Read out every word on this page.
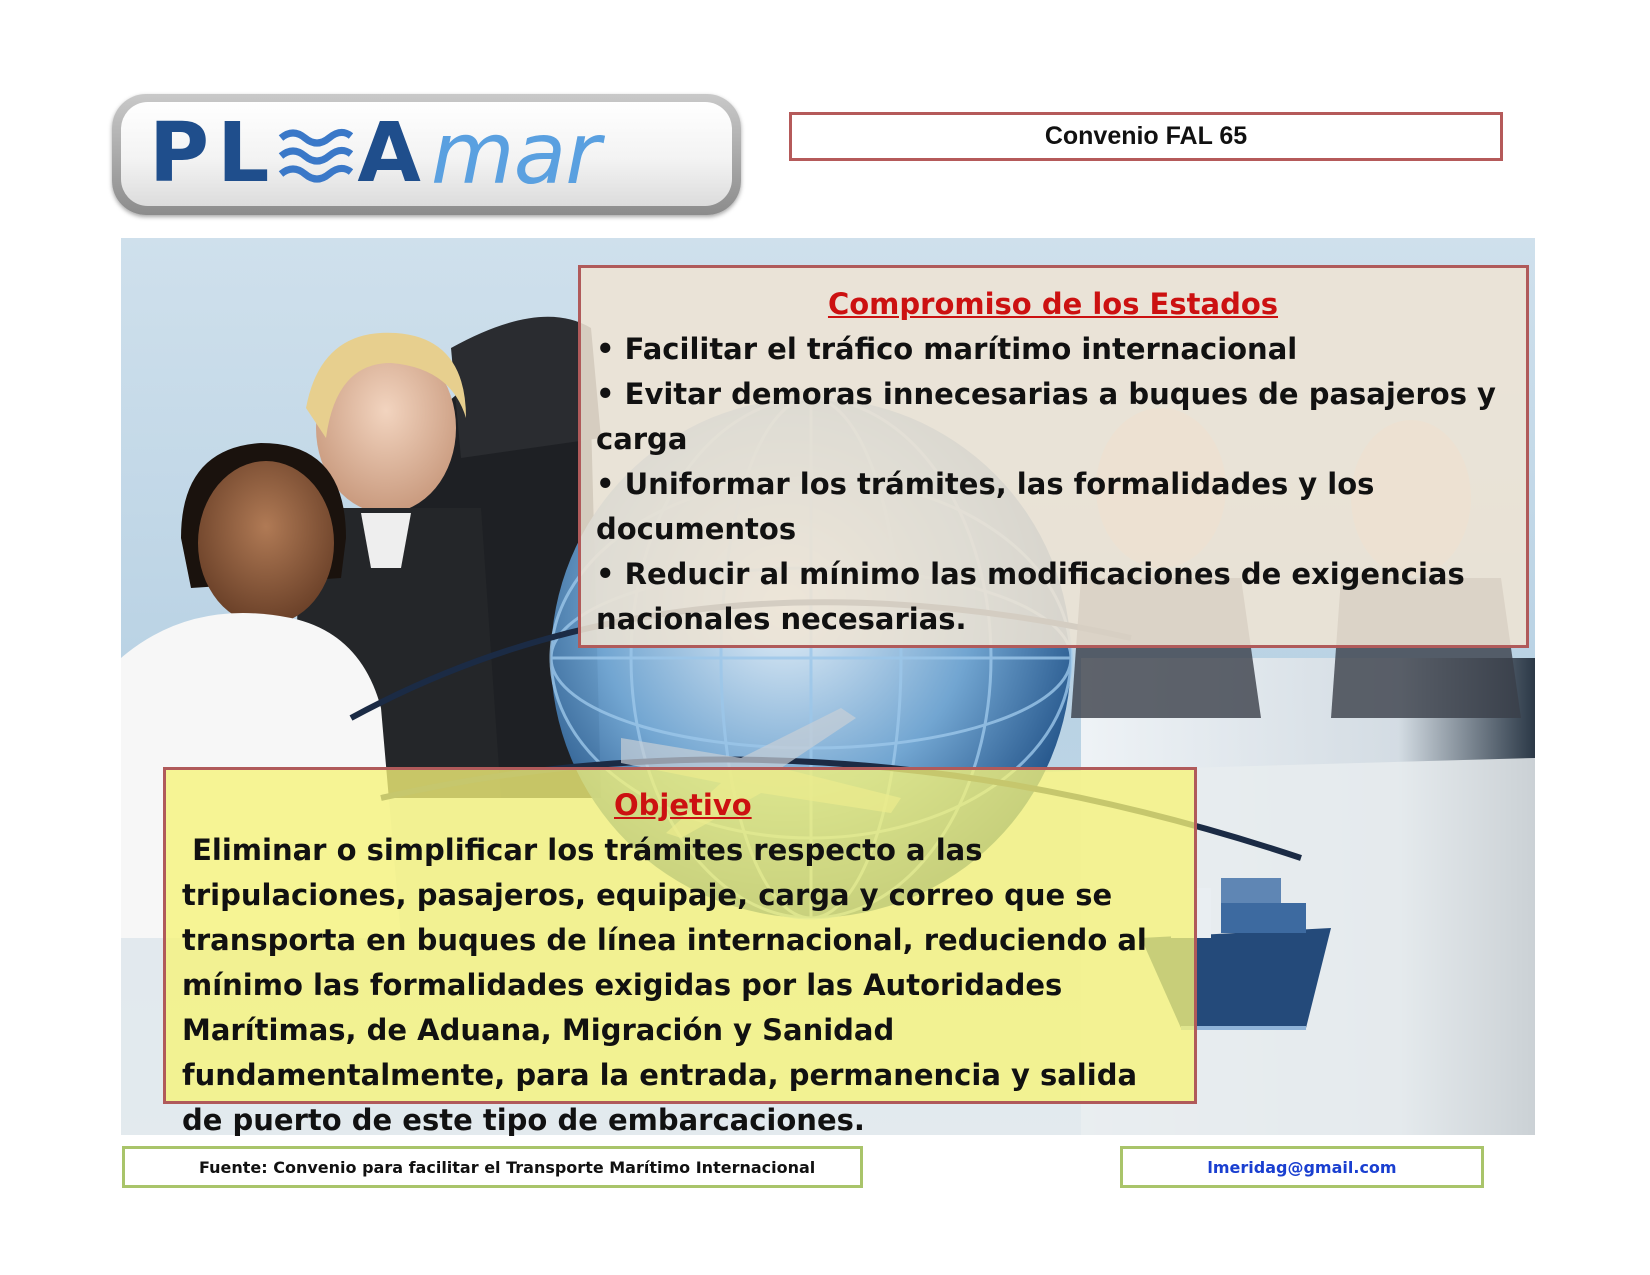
PL A mar	Convenio FAL 65
Compromiso de los Estados
• Facilitar el tráfico marítimo internacional
• Evitar demoras innecesarias a buques de pasajeros y carga
• Uniformar los trámites, las formalidades y los documentos
• Reducir al mínimo las modificaciones de exigencias nacionales necesarias.
Objetivo
Eliminar o simplificar los trámites respecto a las tripulaciones, pasajeros, equipaje, carga y correo que se transporta en buques de línea internacional, reduciendo al mínimo las formalidades exigidas por las Autoridades Marítimas, de Aduana, Migración y Sanidad fundamentalmente, para la entrada, permanencia y salida de puerto de este tipo de embarcaciones.
Fuente: Convenio para facilitar el Transporte Marítimo Internacional	lmeridag@gmail.com
